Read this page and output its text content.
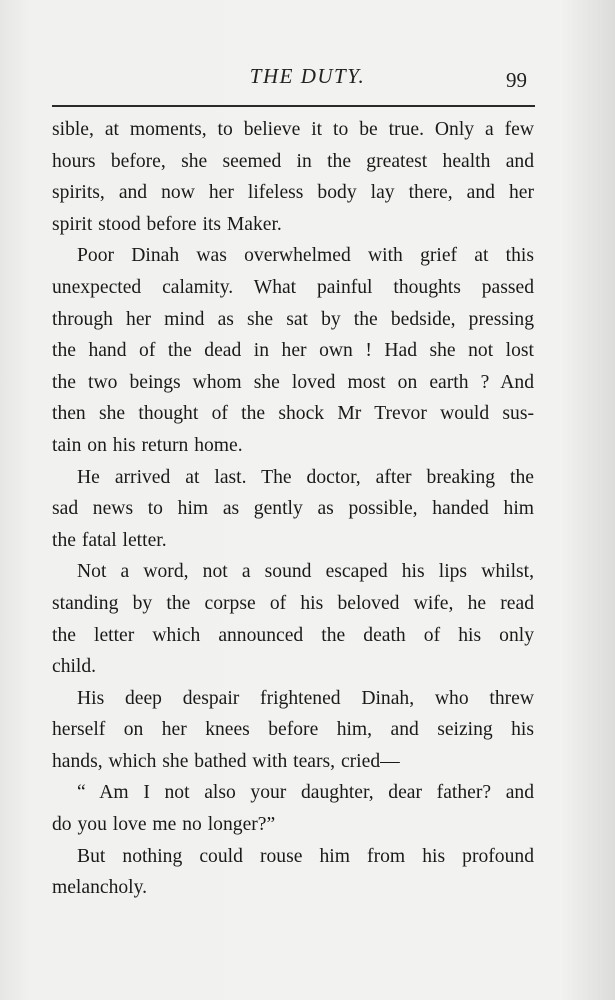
THE DUTY.	99
sible, at moments, to believe it to be true. Only a few
hours before, she seemed in the greatest health and
spirits, and now her lifeless body lay there, and her
spirit stood before its Maker.
Poor Dinah was overwhelmed with grief at this
unexpected calamity. What painful thoughts passed
through her mind as she sat by the bedside, pressing
the hand of the dead in her own ! Had she not lost
the two beings whom she loved most on earth ? And
then she thought of the shock Mr Trevor would sus-
tain on his return home.
He arrived at last. The doctor, after breaking the
sad news to him as gently as possible, handed him
the fatal letter.
Not a word, not a sound escaped his lips whilst,
standing by the corpse of his beloved wife, he read
the letter which announced the death of his only
child.
His deep despair frightened Dinah, who threw
herself on her knees before him, and seizing his
hands, which she bathed with tears, cried—
“ Am I not also your daughter, dear father? and
do you love me no longer?”
But nothing could rouse him from his profound
melancholy.
